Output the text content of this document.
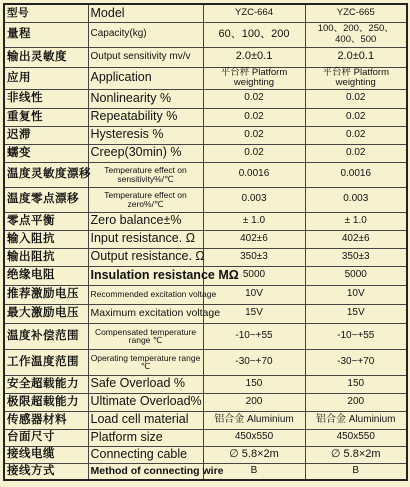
型号	Model	YZC-664	YZC-665
量程	Capacity(kg)	60、100、200	100、200、250、400、500
输出灵敏度	Output sensitivity mv/v	2.0±0.1	2.0±0.1
应用	Application	平台秤 Platform weighting	平台秤 Platform weighting
非线性	Nonlinearity %	0.02	0.02
重复性	Repeatability %	0.02	0.02
迟滞	Hysteresis %	0.02	0.02
蠕变	Creep(30min) %	0.02	0.02
温度灵敏度漂移	Temperature effect on sensitivity%/℃	0.0016	0.0016
温度零点漂移	Temperature effect on zero%/℃	0.003	0.003
零点平衡	Zero balance±%	± 1.0	± 1.0
输入阻抗	Input resistance. Ω	402±6	402±6
输出阻抗	Output resistance. Ω	350±3	350±3
绝缘电阻	Insulation resistance MΩ	5000	5000
推荐激励电压	Recommended excitation voltage	10V	10V
最大激励电压	Maximum excitation voltage	15V	15V
温度补偿范围	Compensated temperature range ℃	-10~+55	-10~+55
工作温度范围	Operating temperature range ℃	-30~+70	-30~+70
安全超载能力	Safe Overload %	150	150
极限超载能力	Ultimate Overload%	200	200
传感器材料	Load cell material	铝合金 Aluminium	铝合金 Aluminium
台面尺寸	Platform size	450x550	450x550
接线电缆	Connecting cable	∅ 5.8×2m	∅ 5.8×2m
接线方式	Method of connecting wire	B	B
